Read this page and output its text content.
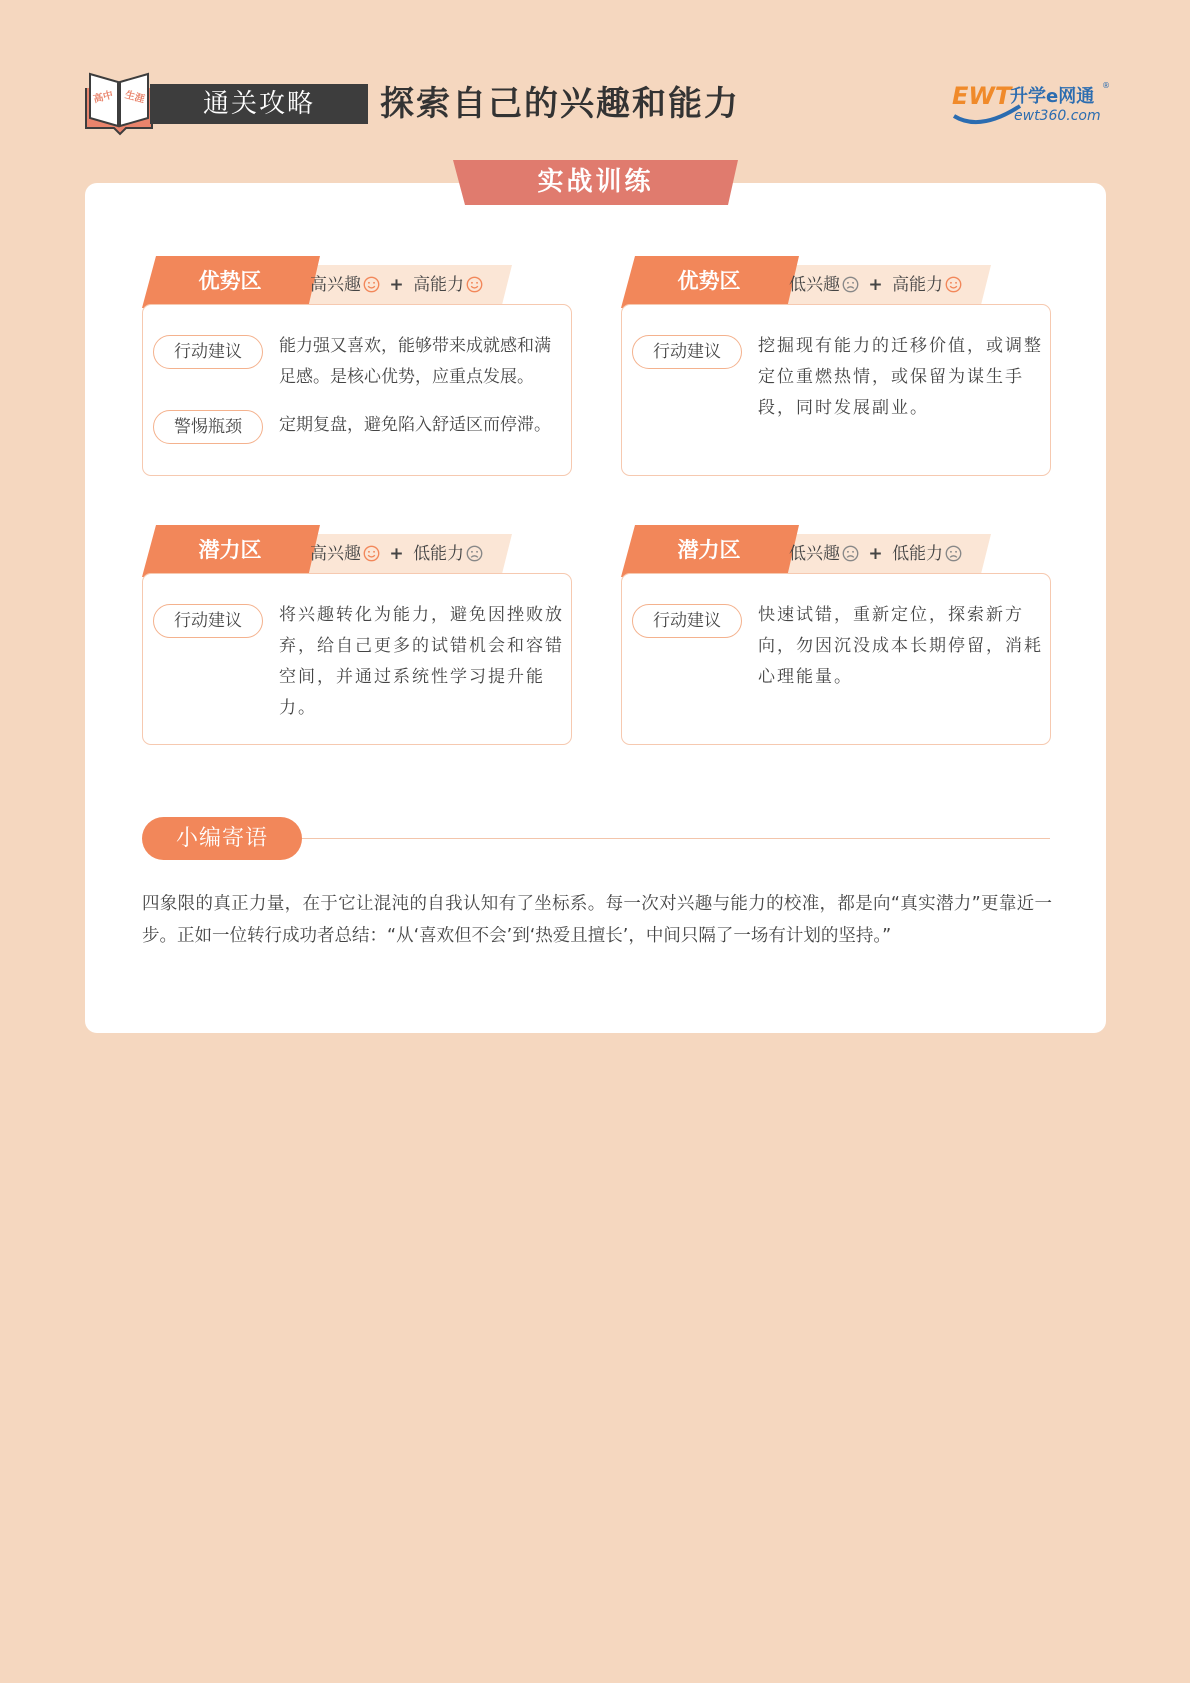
高中 生涯	通关攻略	探索自己的兴趣和能力	EWT
升学e网通
ewt360.com
®
实战训练
优势区	高兴趣 + 高能力
行动建议	能力强又喜欢，能够带来成就感和满足感。是核心优势，应重点发展。
警惕瓶颈	定期复盘，避免陷入舒适区而停滞。
优势区	低兴趣 + 高能力
行动建议	挖掘现有能力的迁移价值，或调整定位重燃热情，或保留为谋生手段，同时发展副业。
潜力区	高兴趣 + 低能力
行动建议	将兴趣转化为能力，避免因挫败放弃，给自己更多的试错机会和容错空间，并通过系统性学习提升能力。
潜力区	低兴趣 + 低能力
行动建议	快速试错，重新定位，探索新方向，勿因沉没成本长期停留，消耗心理能量。
小编寄语
四象限的真正力量，在于它让混沌的自我认知有了坐标系。每一次对兴趣与能力的校准，都是向“真实潜力”更靠近一步。正如一位转行成功者总结：“从‘喜欢但不会’到‘热爱且擅长’，中间只隔了一场有计划的坚持。”
